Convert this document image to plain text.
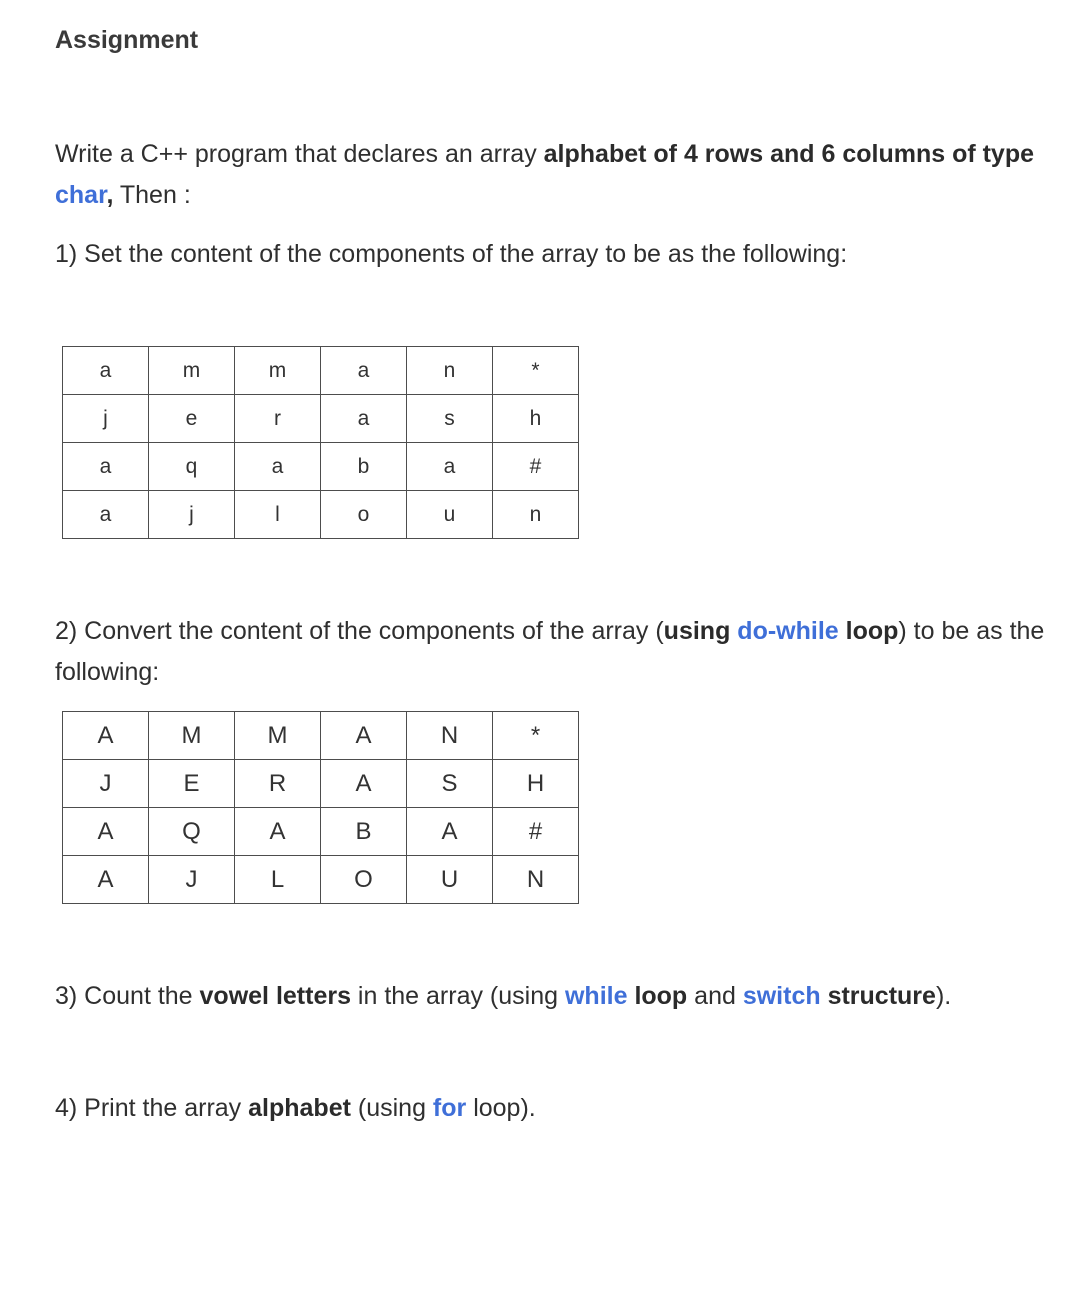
Assignment
Write a C++ program that declares an array alphabet of 4 rows and 6 columns of type char, Then :
1) Set the content of the components of the array to be as the following:
a	m	m	a	n	*
j	e	r	a	s	h
a	q	a	b	a	#
a	j	l	o	u	n
2) Convert the content of the components of the array (using do-while loop) to be as the following:
A	M	M	A	N	*
J	E	R	A	S	H
A	Q	A	B	A	#
A	J	L	O	U	N
3) Count the vowel letters in the array (using while loop and switch structure).
4) Print the array alphabet (using for loop).
